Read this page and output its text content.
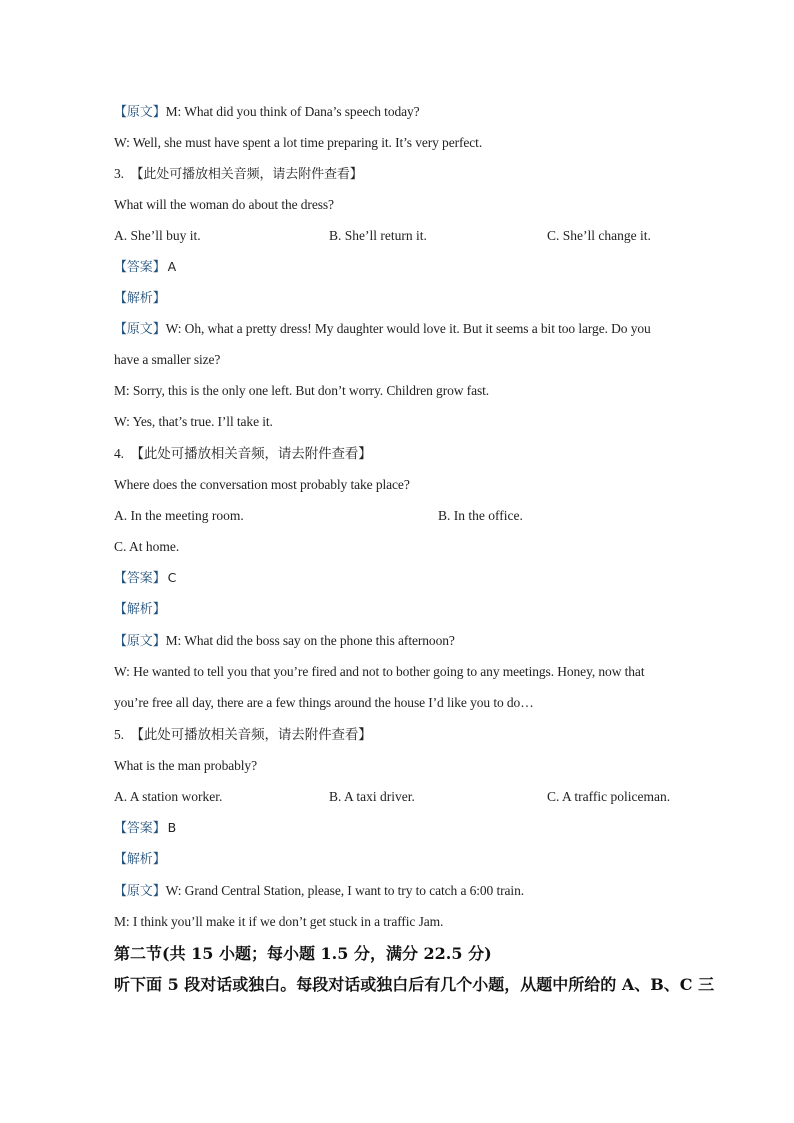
【原文】M: What did you think of Dana’s speech today?
W: Well, she must have spent a lot time preparing it. It’s very perfect.
3. 【此处可播放相关音频，请去附件查看】
What will the woman do about the dress?
A. She’ll buy it.	B. She’ll return it.	C. She’ll change it.
【答案】 A
【解析】
【原文】W: Oh, what a pretty dress! My daughter would love it. But it seems a bit too large. Do you
have a smaller size?
M: Sorry, this is the only one left. But don’t worry. Children grow fast.
W: Yes, that’s true. I’ll take it.
4. 【此处可播放相关音频，请去附件查看】
Where does the conversation most probably take place?
A. In the meeting room.	B. In the office.
C. At home.
【答案】 C
【解析】
【原文】M: What did the boss say on the phone this afternoon?
W: He wanted to tell you that you’re fired and not to bother going to any meetings. Honey, now that
you’re free all day, there are a few things around the house I’d like you to do…
5. 【此处可播放相关音频，请去附件查看】
What is the man probably?
A. A station worker.	B. A taxi driver.	C. A traffic policeman.
【答案】 B
【解析】
【原文】W: Grand Central Station, please, I want to try to catch a 6:00 train.
M: I think you’ll make it if we don’t get stuck in a traffic Jam.
第二节(共 15 小题；每小题 1.5 分，满分 22.5 分)
听下面 5 段对话或独白。每段对话或独白后有几个小题，从题中所给的 A、B、C 三
